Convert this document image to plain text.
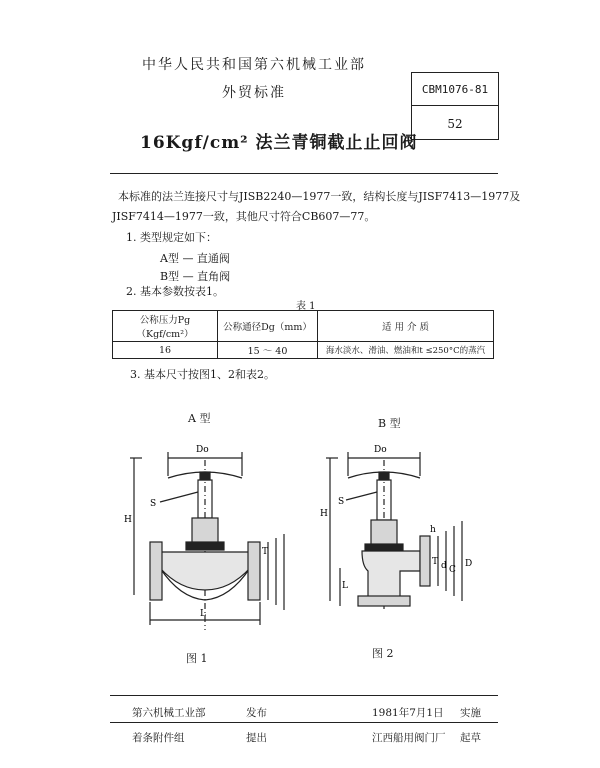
中华人民共和国第六机械工业部
外贸标准	CBM1076-81
52
16Kgf/cm² 法兰青铜截止止回阀
本标准的法兰连接尺寸与JISB2240—1977一致，结构长度与JISF7413—1977及
JISF7414—1977一致，其他尺寸符合CB607—77。
1. 类型规定如下：
A型 — 直通阀
B型 — 直角阀
2. 基本参数按表1。
表 1
公称压力Pg（Kgf/cm²）	公称通径Dg（mm）	适 用 介 质
16	15 ～ 40	海水淡水、滑油、燃油和t ≤250°C的蒸汽
3. 基本尺寸按图1、2和表2。
A 型	B 型
Do
S
H
L
T
Do
S
H
L
h
T d C
D
图 1	图 2
第六机械工业部	发布	1981年7月1日 实施
着条附件组	提出	江西船用阀门厂 起草
